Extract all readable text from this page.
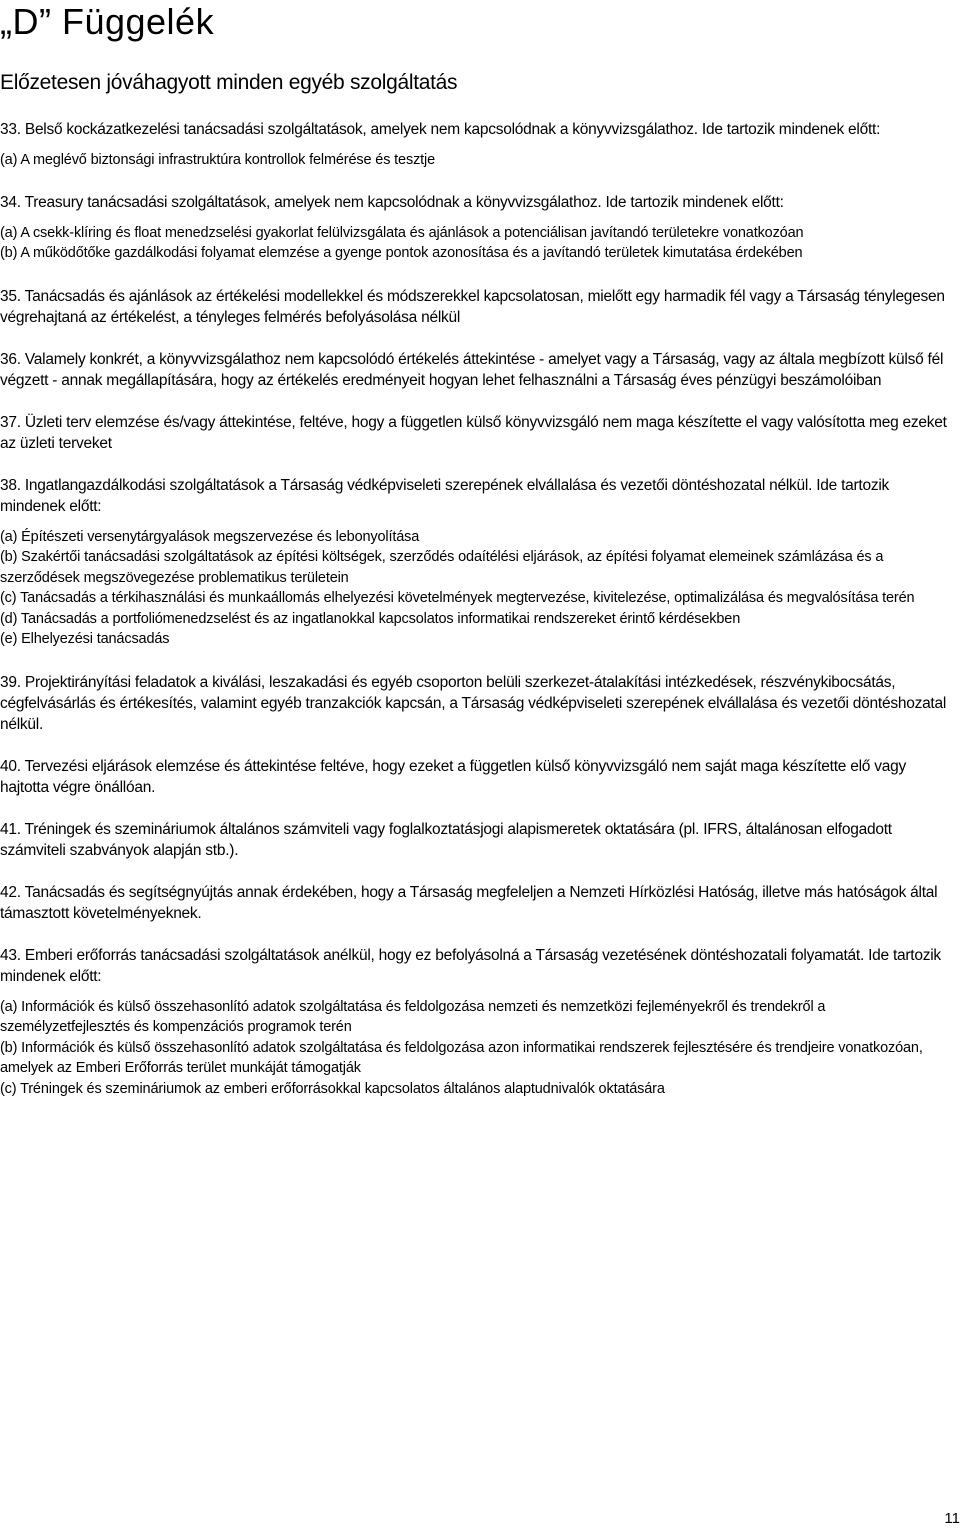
„D” Függelék
Előzetesen jóváhagyott minden egyéb szolgáltatás

33. Belső kockázatkezelési tanácsadási szolgáltatások, amelyek nem kapcsolódnak a könyvvizsgálathoz. Ide tartozik mindenek előtt:

(a) A meglévő biztonsági infrastruktúra kontrollok felmérése és tesztje

34. Treasury tanácsadási szolgáltatások, amelyek nem kapcsolódnak a könyvvizsgálathoz. Ide tartozik mindenek előtt:

(a) A csekk-klíring és float menedzselési gyakorlat felülvizsgálata és ajánlások a potenciálisan javítandó területekre vonatkozóan

(b) A működőtőke gazdálkodási folyamat elemzése a gyenge pontok azonosítása és a javítandó területek kimutatása érdekében

35. Tanácsadás és ajánlások az értékelési modellekkel és módszerekkel kapcsolatosan, mielőtt egy harmadik fél vagy a Társaság ténylegesen végrehajtaná az értékelést, a tényleges felmérés befolyásolása nélkül

36. Valamely konkrét, a könyvvizsgálathoz nem kapcsolódó értékelés áttekintése - amelyet vagy a Társaság, vagy az általa megbízott külső fél végzett - annak megállapítására, hogy az értékelés eredményeit hogyan lehet felhasználni a Társaság éves pénzügyi beszámolóiban

37. Üzleti terv elemzése és/vagy áttekintése, feltéve, hogy a független külső könyvvizsgáló nem maga készítette el vagy valósította meg ezeket az üzleti terveket

38. Ingatlangazdálkodási szolgáltatások a Társaság védképviseleti szerepének elvállalása és vezetői döntéshozatal nélkül. Ide tartozik mindenek előtt:

(a) Építészeti versenytárgyalások megszervezése és lebonyolítása

(b) Szakértői tanácsadási szolgáltatások az építési költségek, szerződés odaítélési eljárások, az építési folyamat elemeinek számlázása és a szerződések megszövegezése problematikus területein

(c) Tanácsadás a térkihasználási és munkaállomás elhelyezési követelmények megtervezése, kivitelezése, optimalizálása és megvalósítása terén

(d) Tanácsadás a portfoliómenedzselést és az ingatlanokkal kapcsolatos informatikai rendszereket érintő kérdésekben

(e) Elhelyezési tanácsadás

39. Projektirányítási feladatok a kiválási, leszakadási és egyéb csoporton belüli szerkezet-átalakítási intézkedések, részvénykibocsátás, cégfelvásárlás és értékesítés, valamint egyéb tranzakciók kapcsán, a Társaság védképviseleti szerepének elvállalása és vezetői döntéshozatal nélkül.

40. Tervezési eljárások elemzése és áttekintése feltéve, hogy ezeket a független külső könyvvizsgáló nem saját maga készítette elő vagy hajtotta végre önállóan.

41. Tréningek és szemináriumok általános számviteli vagy foglalkoztatásjogi alapismeretek oktatására (pl. IFRS, általánosan elfogadott számviteli szabványok alapján stb.).

42. Tanácsadás és segítségnyújtás annak érdekében, hogy a Társaság megfeleljen a Nemzeti Hírközlési Hatóság, illetve más hatóságok által támasztott követelményeknek.

43. Emberi erőforrás tanácsadási szolgáltatások anélkül, hogy ez befolyásolná a Társaság vezetésének döntéshozatali folyamatát. Ide tartozik mindenek előtt:

(a) Információk és külső összehasonlító adatok szolgáltatása és feldolgozása nemzeti és nemzetközi fejleményekről és trendekről a személyzetfejlesztés és kompenzációs programok terén

(b) Információk és külső összehasonlító adatok szolgáltatása és feldolgozása azon informatikai rendszerek fejlesztésére és trendjeire vonatkozóan, amelyek az Emberi Erőforrás terület munkáját támogatják

(c) Tréningek és szemináriumok az emberi erőforrásokkal kapcsolatos általános alaptudnivalók oktatására

11
